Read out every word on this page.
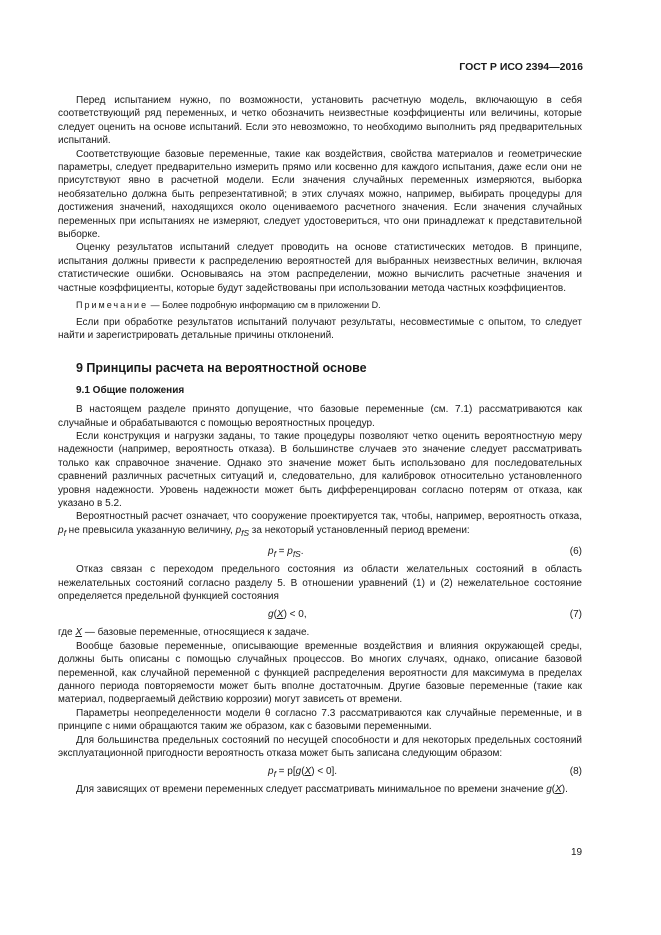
ГОСТ Р ИСО 2394—2016

Перед испытанием нужно, по возможности, установить расчетную модель, включающую в себя соответствующий ряд переменных, и четко обозначить неизвестные коэффициенты или величины, которые следует оценить на основе испытаний. Если это невозможно, то необходимо выполнить ряд предварительных испытаний.

Соответствующие базовые переменные, такие как воздействия, свойства материалов и геометрические параметры, следует предварительно измерить прямо или косвенно для каждого испытания, даже если они не присутствуют явно в расчетной модели. Если значения случайных переменных измеряются, выборка необязательно должна быть репрезентативной; в этих случаях можно, например, выбирать процедуры для достижения значений, находящихся около оцениваемого расчетного значения. Если значения случайных переменных при испытаниях не измеряют, следует удостовериться, что они принадлежат к представительной выборке.

Оценку результатов испытаний следует проводить на основе статистических методов. В принципе, испытания должны привести к распределению вероятностей для выбранных неизвестных величин, включая статистические ошибки. Основываясь на этом распределении, можно вычислить расчетные значения и частные коэффициенты, которые будут задействованы при использовании метода частных коэффициентов.

Примечание — Более подробную информацию см в приложении D.

Если при обработке результатов испытаний получают результаты, несовместимые с опытом, то следует найти и зарегистрировать детальные причины отклонений.

9 Принципы расчета на вероятностной основе
9.1 Общие положения

В настоящем разделе принято допущение, что базовые переменные (см. 7.1) рассматриваются как случайные и обрабатываются с помощью вероятностных процедур.

Если конструкция и нагрузки заданы, то такие процедуры позволяют четко оценить вероятностную меру надежности (например, вероятность отказа). В большинстве случаев это значение следует рассматривать только как справочное значение. Однако это значение может быть использовано для последовательных сравнений различных расчетных ситуаций и, следовательно, для калибровок относительно установленного уровня надежности. Уровень надежности может быть дифференцирован согласно потерям от отказа, как указано в 5.2.

Вероятностный расчет означает, что сооружение проектируется так, чтобы, например, вероятность отказа, $p_f$ не превысила указанную величину, $p_{fS}$ за некоторый установленный период времени:

$p_f = p_{fS}$.	(6)

Отказ связан с переходом предельного состояния из области желательных состояний в область нежелательных состояний согласно разделу 5. В отношении уравнений (1) и (2) нежелательное состояние определяется предельной функцией состояния

g(X) < 0,	(7)

где X — базовые переменные, относящиеся к задаче.

Вообще базовые переменные, описывающие временные воздействия и влияния окружающей среды, должны быть описаны с помощью случайных процессов. Во многих случаях, однако, описание базовой переменной, как случайной переменной с функцией распределения вероятности для максимума в пределах данного периода повторяемости может быть вполне достаточным. Другие базовые переменные (такие как материал, подвергаемый действию коррозии) могут зависеть от времени.

Параметры неопределенности модели θ согласно 7.3 рассматриваются как случайные переменные, и в принципе с ними обращаются таким же образом, как с базовыми переменными.

Для большинства предельных состояний по несущей способности и для некоторых предельных состояний эксплуатационной пригодности вероятность отказа может быть записана следующим образом:

$p_f = p[g(X) < 0]$.	(8)

Для зависящих от времени переменных следует рассматривать минимальное по времени значение g(X).

19
